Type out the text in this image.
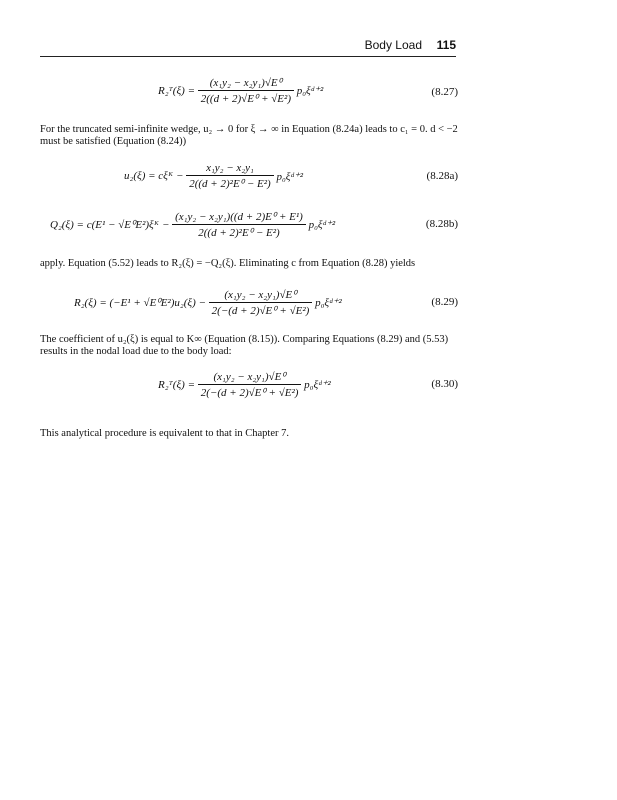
Body Load 115
R₂ᵀ(ξ) = $\frac{\text{(x₁y₂ − x₂y₁)√E⁰}}{\text{2((d + 2)√E⁰ + √E²)}}$ p₀ξᵈ⁺²	(8.27)
For the truncated semi-infinite wedge, u₂ → 0 for ξ → ∞ in Equation (8.24a) leads to c₁ = 0. d < −2 must be satisfied (Equation (8.24))
u₂(ξ) = cξᴷ − $\frac{\text{x₁y₂ − x₂y₁}}{\text{2((d + 2)²E⁰ − E²)}}$ p₀ξᵈ⁺²	(8.28a)
Q₂(ξ) = c(E¹ − √E⁰E²)ξᴷ − $\frac{\text{(x₁y₂ − x₂y₁)((d + 2)E⁰ + E¹)}}{\text{2((d + 2)²E⁰ − E²)}}$ p₀ξᵈ⁺²	(8.28b)
apply. Equation (5.52) leads to R₂(ξ) = −Q₂(ξ). Eliminating c from Equation (8.28) yields
$R_2(\xi) = (-E^1 + √E^0E^2)u_2(\xi) - \frac{\text{(x₁y₂ − x₂y₁)√E⁰}}{\text{2(−(d + 2)√E⁰ + √E²)}}$ p₀ξᵈ⁺²	(8.29)
The coefficient of u₂(ξ) is equal to K∞ (Equation (8.15)). Comparing Equations (8.29) and (5.53) results in the nodal load due to the body load:
R₂ᵀ(ξ) = $\frac{\text{(x₁y₂ − x₂y₁)√E⁰}}{\text{2(−(d + 2)√E⁰ + √E²)}}$ p₀ξᵈ⁺²	(8.30)
This analytical procedure is equivalent to that in Chapter 7.
